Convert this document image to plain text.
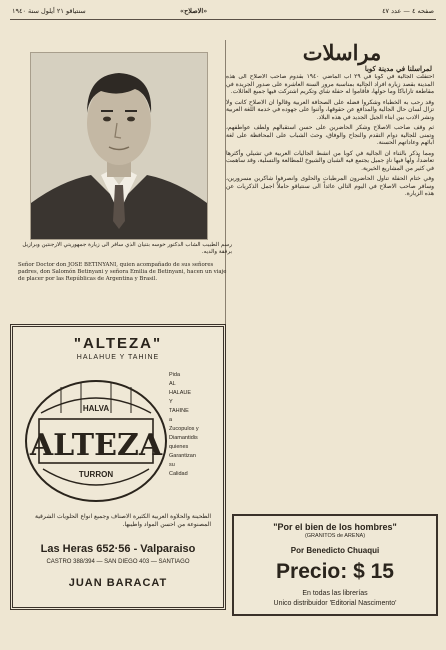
سنتياقو ٢١ أيلول سنة ١٩٤٠	«الاصلاح»	صفحه ٤ — عدد ٤٧
رسم الطبيب الشاب الدكتور خوسه بتنيان الذي سافر الى زيارة جمهوريتي الارجنتين وبرازيل برفقة والديه.
Señor Doctor don JOSE BETINYANI, quien acompañado de sus señores padres, don Salomón Betinyani y señora Emilia de Betinyani, hacen un viaje de placer por las Repúblicas de Argentina y Brasil.
"ALTEZA"
HALAHUE Y TAHINE
HALVA
ALTEZA
TURRON
Pida
AL
HALAUE
Y
TAHINE
a
Zucopulos y
Diamantidis
quienes
Garantizan
su
Calidad
الطحينة والحلاوة العربية الكثيرة الاصناف وجميع انواع الحلويات الشرقية المصنوعة من احسن المواد واطيبها.
Las Heras 652·56 - Valparaiso
CASTRO 388/394 — SAN DIEGO 403 — SANTIAGO
JUAN BARACAT
مراسلات
لمراسلنا في مدينة كوبا

احتفلت الجالية في كوبا في ٢٩ آب الماضي ١٩٤٠ بقدوم صاحب الاصلاح الى هذه المدينة بقصد زيارة افراد الجالية بمناسبة مرور السنة العاشرة على صدور الجريدة في مقاطعة تاراباكا وما حولها، فأقاموا له حفلة شاي وتكريم اشتركت فيها جميع العائلات.

وقد رحب به الخطباء وشكروا فضله على الصحافة العربية وقالوا ان الاصلاح كانت ولا تزال لسان حال الجالية والمدافع عن حقوقها، وأثنوا على جهوده في خدمة اللغة العربية ونشر الادب بين ابناء الجيل الجديد في هذه البلاد.

ثم وقف صاحب الاصلاح وشكر الحاضرين على حسن استقبالهم ولطف عواطفهم، وتمنى للجالية دوام التقدم والنجاح والوفاق، وحث الشباب على المحافظة على لغة آبائهم وعاداتهم الحسنة.

ومما يذكر بالثناء ان الجالية في كوبا من انشط الجاليات العربية في تشيلي وأكثرها تعاضداً، ولها فيها نادٍ جميل يجتمع فيه الشبان والشيوخ للمطالعة والتسلية، وقد ساهمت في كثير من المشاريع الخيرية.

وفي ختام الحفلة تناول الحاضرون المرطبات والحلوى وانصرفوا شاكرين مسرورين، وسافر صاحب الاصلاح في اليوم التالي عائداً الى سنتياقو حاملاً اجمل الذكريات عن هذه الزيارة.

"Por el bien de los hombres"
(GRANITOS de ARENA)
Por Benedicto Chuaqui
Precio: $ 15
En todas las librerías
Unico distribuidor 'Editorial Nascimento'
